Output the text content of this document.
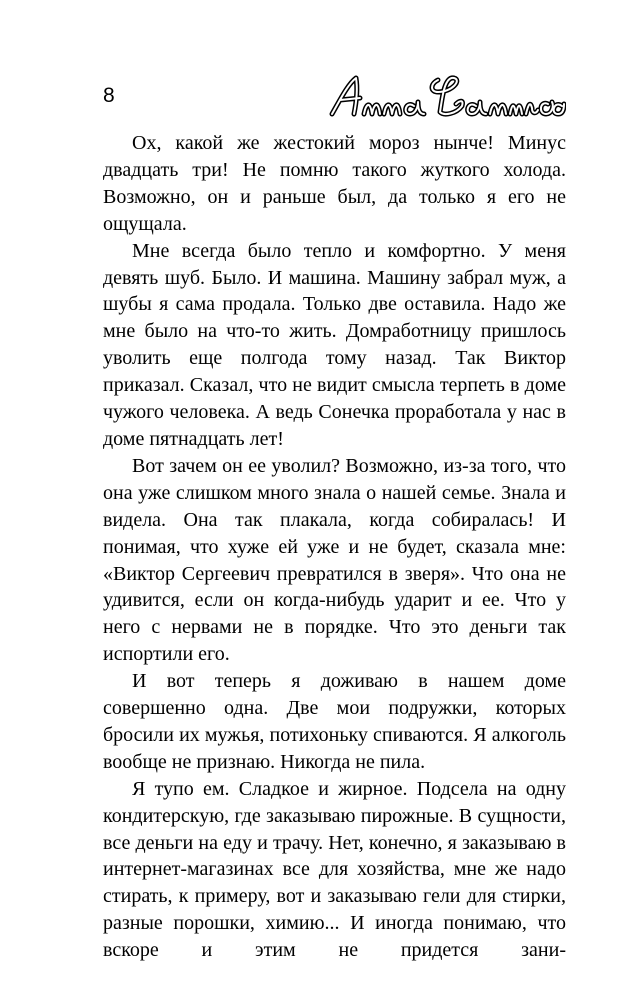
8

Ох, какой же жестокий мороз нынче! Минус двадцать три! Не помню такого жуткого холода. Возможно, он и раньше был, да только я его не ощущала.

Мне всегда было тепло и комфортно. У меня девять шуб. Было. И машина. Машину забрал муж, а шубы я сама продала. Только две оставила. Надо же мне было на что-то жить. Домработницу пришлось уволить еще полгода тому назад. Так Виктор приказал. Сказал, что не видит смысла терпеть в доме чужого человека. А ведь Сонечка проработала у нас в доме пятнадцать лет!

Вот зачем он ее уволил? Возможно, из-за того, что она уже слишком много знала о нашей семье. Знала и видела. Она так плакала, когда собиралась! И понимая, что хуже ей уже и не будет, сказала мне: «Виктор Сергеевич превратился в зверя». Что она не удивится, если он когда-нибудь ударит и ее. Что у него с нервами не в порядке. Что это деньги так испортили его.

И вот теперь я доживаю в нашем доме совершенно одна. Две мои подружки, которых бросили их мужья, потихоньку спиваются. Я алкоголь вообще не признаю. Никогда не пила.

Я тупо ем. Сладкое и жирное. Подсела на одну кондитерскую, где заказываю пирожные. В сущности, все деньги на еду и трачу. Нет, конечно, я заказываю в интернет-магазинах все для хозяйства, мне же надо стирать, к примеру, вот и заказываю гели для стирки, разные порошки, химию... И иногда понимаю, что вскоре и этим не придется зани-
